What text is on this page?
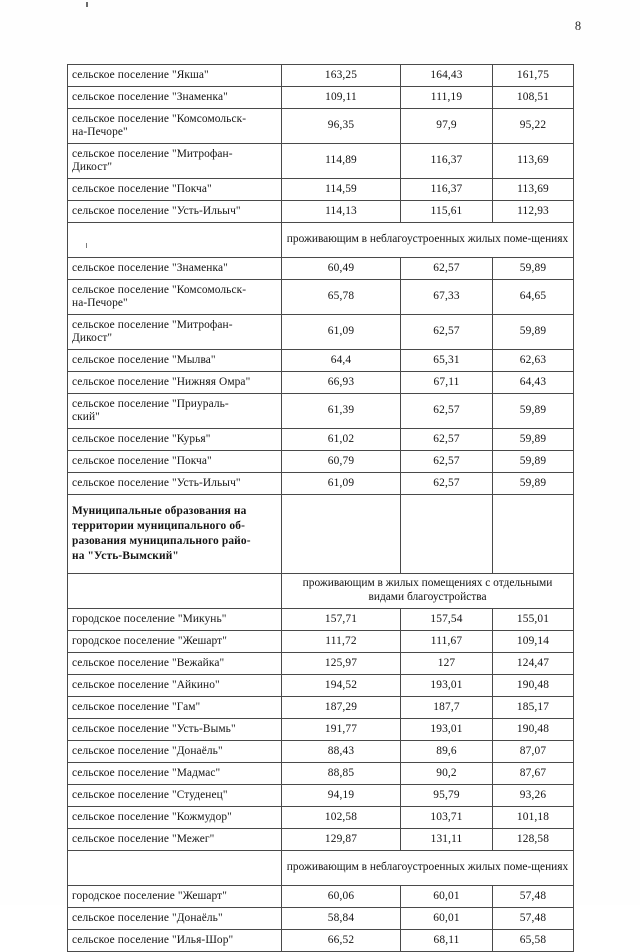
8
сельское поселение "Якша"	163,25	164,43	161,75
сельское поселение "Знаменка"	109,11	111,19	108,51
сельское поселение "Комсомольск-
на-Печоре"	96,35	97,9	95,22
сельское поселение "Митрофан-
Дикост"	114,89	116,37	113,69
сельское поселение "Покча"	114,59	116,37	113,69
сельское поселение "Усть-Ильыч"	114,13	115,61	112,93

	проживающим в неблагоустроенных жилых поме-щениях		
сельское поселение "Знаменка"	60,49	62,57	59,89
сельское поселение "Комсомольск-
на-Печоре"	65,78	67,33	64,65
сельское поселение "Митрофан-
Дикост"	61,09	62,57	59,89
сельское поселение "Мылва"	64,4	65,31	62,63
сельское поселение "Нижняя Омра"	66,93	67,11	64,43
сельское поселение "Приураль-
ский"	61,39	62,57	59,89
сельское поселение "Курья"	61,02	62,57	59,89
сельское поселение "Покча"	60,79	62,57	59,89
сельское поселение "Усть-Ильыч"	61,09	62,57	59,89
Муниципальные образования на
территории муниципального об-
разования муниципального райо-
на "Усть-Вымский"			
	проживающим в жилых помещениях с отдельными видами благоустройства		
городское поселение "Микунь"	157,71	157,54	155,01
городское поселение "Жешарт"	111,72	111,67	109,14
сельское поселение "Вежайка"	125,97	127	124,47
сельское поселение "Айкино"	194,52	193,01	190,48
сельское поселение "Гам"	187,29	187,7	185,17
сельское поселение "Усть-Вымь"	191,77	193,01	190,48
сельское поселение "Донаёль"	88,43	89,6	87,07
сельское поселение "Мадмас"	88,85	90,2	87,67
сельское поселение "Студенец"	94,19	95,79	93,26
сельское поселение "Кожмудор"	102,58	103,71	101,18
сельское поселение "Межег"	129,87	131,11	128,58
	проживающим в неблагоустроенных жилых поме-щениях		
городское поселение "Жешарт"	60,06	60,01	57,48
сельское поселение "Донаёль"	58,84	60,01	57,48
сельское поселение "Илья-Шор"	66,52	68,11	65,58
